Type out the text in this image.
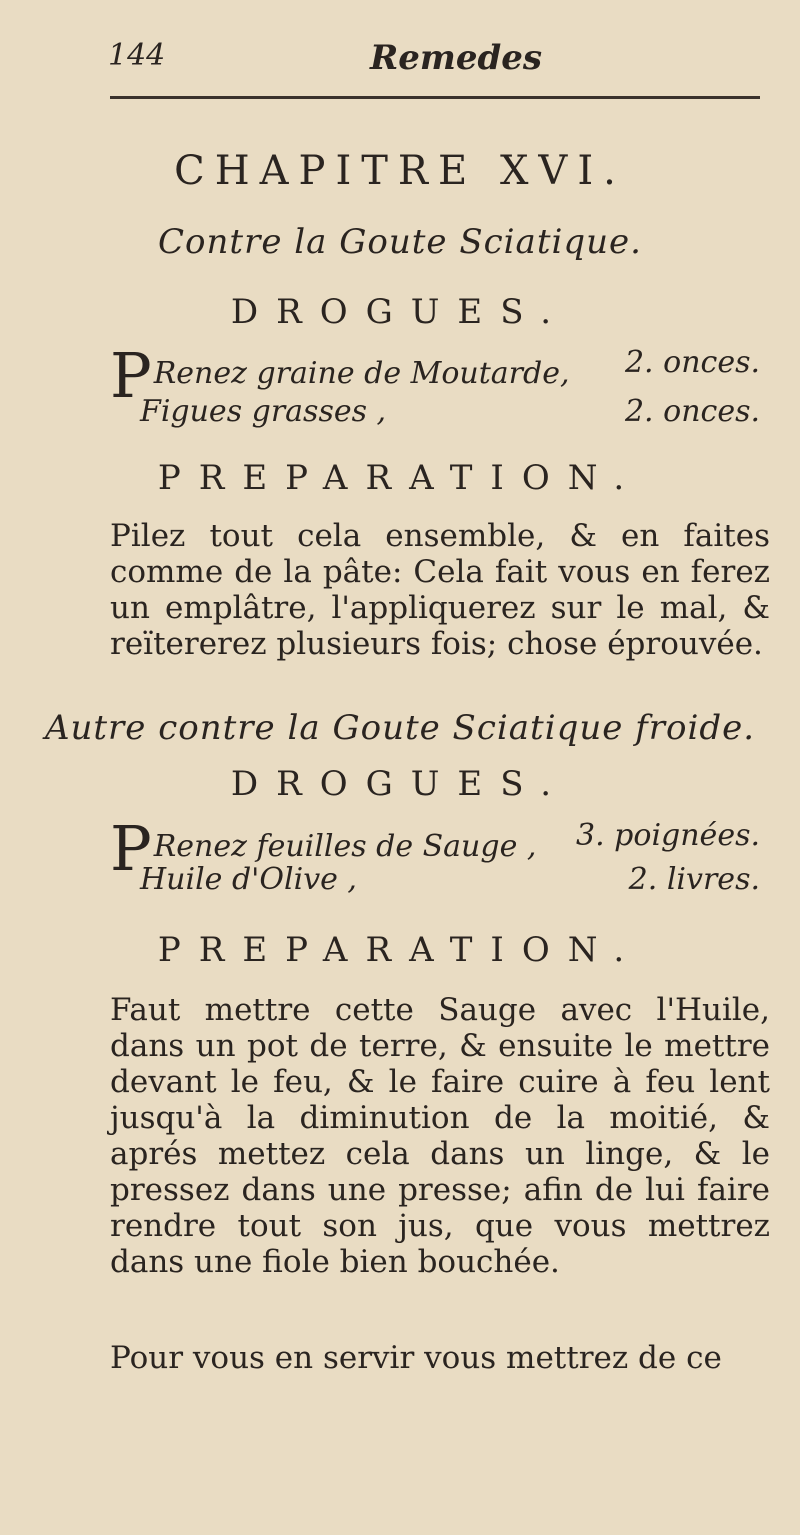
144	Remedes
CHAPITRE XVI.
Contre la Goute Sciatique.
DROGUES.
PRenez graine de Moutarde, 2. onces.
Figues grasses ,	2. onces.
PREPARATION.
Pilez tout cela ensemble, & en faites comme de la pâte: Cela fait vous en ferez un emplâtre, l'appliquerez sur le mal, & reïtererez plusieurs fois; chose éprouvée.
Autre contre la Goute Sciatique froide.
DROGUES.
PRenez feuilles de Sauge , 3. poignées.
Huile d'Olive ,	2. livres.
PREPARATION.
Faut mettre cette Sauge avec l'Huile, dans un pot de terre, & ensuite le mettre devant le feu, & le faire cuire à feu lent jusqu'à la diminution de la moitié, & aprés mettez cela dans un linge, & le pressez dans une presse; afin de lui faire rendre tout son jus, que vous mettrez dans une fiole bien bouchée.
Pour vous en servir vous mettrez de ce
